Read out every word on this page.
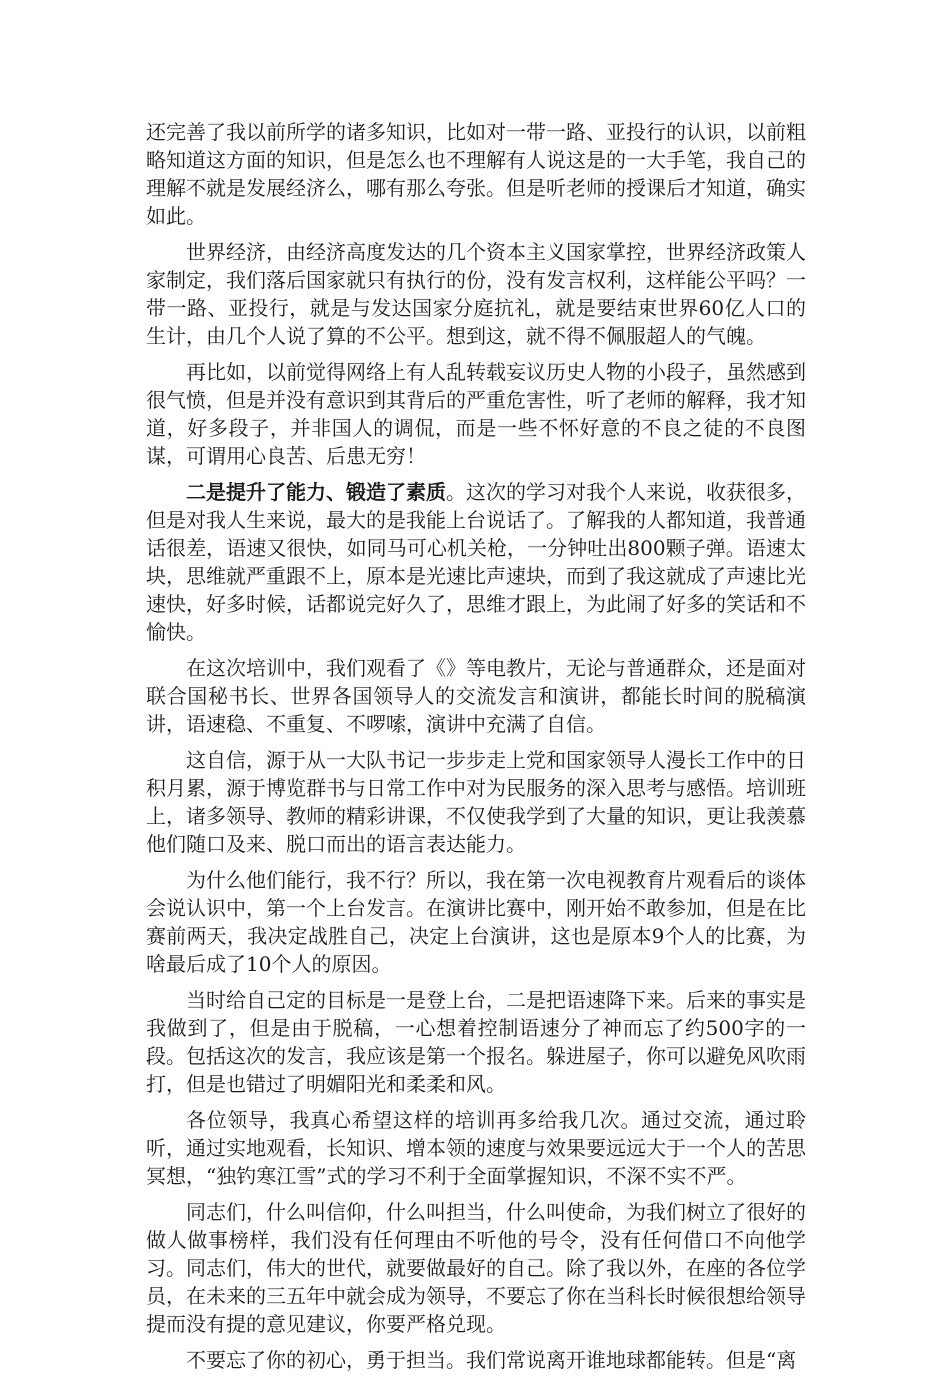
还完善了我以前所学的诸多知识，比如对一带一路、亚投行的认识，以前粗略知道这方面的知识，但是怎么也不理解有人说这是的一大手笔，我自己的理解不就是发展经济么，哪有那么夸张。但是听老师的授课后才知道，确实如此。

世界经济，由经济高度发达的几个资本主义国家掌控，世界经济政策人家制定，我们落后国家就只有执行的份，没有发言权利，这样能公平吗？一带一路、亚投行，就是与发达国家分庭抗礼，就是要结束世界60亿人口的生计，由几个人说了算的不公平。想到这，就不得不佩服超人的气魄。

再比如，以前觉得网络上有人乱转载妄议历史人物的小段子，虽然感到很气愤，但是并没有意识到其背后的严重危害性，听了老师的解释，我才知道，好多段子，并非国人的调侃，而是一些不怀好意的不良之徒的不良图谋，可谓用心良苦、后患无穷！

二是提升了能力、锻造了素质。这次的学习对我个人来说，收获很多，但是对我人生来说，最大的是我能上台说话了。了解我的人都知道，我普通话很差，语速又很快，如同马可心机关枪，一分钟吐出800颗子弹。语速太块，思维就严重跟不上，原本是光速比声速块，而到了我这就成了声速比光速快，好多时候，话都说完好久了，思维才跟上，为此闹了好多的笑话和不愉快。

在这次培训中，我们观看了《》等电教片，无论与普通群众，还是面对联合国秘书长、世界各国领导人的交流发言和演讲，都能长时间的脱稿演讲，语速稳、不重复、不啰嗦，演讲中充满了自信。

这自信，源于从一大队书记一步步走上党和国家领导人漫长工作中的日积月累，源于博览群书与日常工作中对为民服务的深入思考与感悟。培训班上，诸多领导、教师的精彩讲课，不仅使我学到了大量的知识，更让我羡慕他们随口及来、脱口而出的语言表达能力。

为什么他们能行，我不行？所以，我在第一次电视教育片观看后的谈体会说认识中，第一个上台发言。在演讲比赛中，刚开始不敢参加，但是在比赛前两天，我决定战胜自己，决定上台演讲，这也是原本9个人的比赛，为啥最后成了10个人的原因。

当时给自己定的目标是一是登上台，二是把语速降下来。后来的事实是我做到了，但是由于脱稿，一心想着控制语速分了神而忘了约500字的一段。包括这次的发言，我应该是第一个报名。躲进屋子，你可以避免风吹雨打，但是也错过了明媚阳光和柔柔和风。

各位领导，我真心希望这样的培训再多给我几次。通过交流，通过聆听，通过实地观看，长知识、增本领的速度与效果要远远大于一个人的苦思冥想，“独钓寒江雪”式的学习不利于全面掌握知识，不深不实不严。

同志们，什么叫信仰，什么叫担当，什么叫使命，为我们树立了很好的做人做事榜样，我们没有任何理由不听他的号令，没有任何借口不向他学习。同志们，伟大的世代，就要做最好的自己。除了我以外，在座的各位学员，在未来的三五年中就会成为领导，不要忘了你在当科长时候很想给领导提而没有提的意见建议，你要严格兑现。

不要忘了你的初心，勇于担当。我们常说离开谁地球都能转。但是“离
